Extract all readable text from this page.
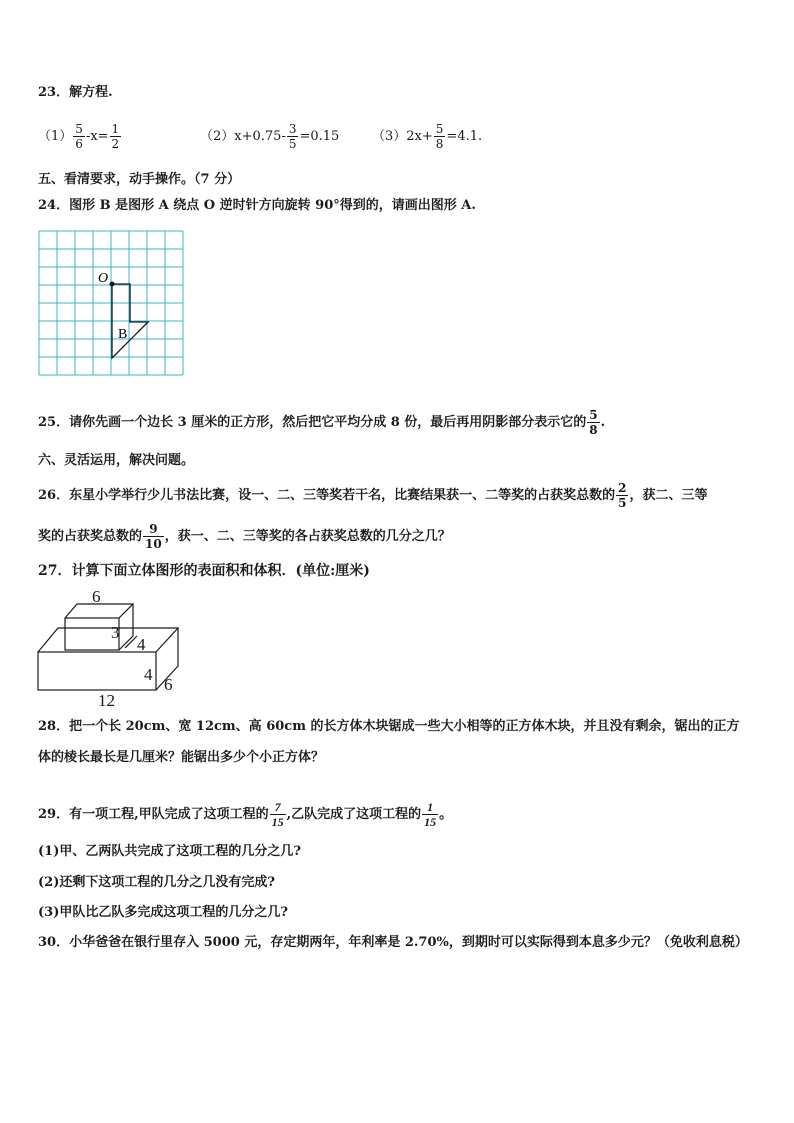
23．解方程.
$(1) \frac{5}{6} -x= \frac{1}{2}$	$(2)x+0.75- \frac{3}{5} =0.15$	$(3)2x+ \frac{5}{8} =4.1$.
五、看清要求，动手操作。（7 分）
24．图形 B 是图形 A 绕点 O 逆时针方向旋转 90°得到的，请画出图形 A.
O
B
25．请你先画一个边长 3 厘米的正方形，然后把它平均分成 8 份，最后再用阴影部分表示它的 $\frac{5}{8}$ .
六、灵活运用，解决问题。
26．东星小学举行少儿书法比赛，设一、二、三等奖若干名，比赛结果获一、二等奖的占获奖总数的 $\frac{2}{5}$ ，获二、三等
奖的占获奖总数的 $\frac{9}{10}$ ，获一、二、三等奖的各占获奖总数的几分之几？
27．计算下面立体图形的表面积和体积．(单位:厘米)
6
3
4
4
6
12
28．把一个长 20cm、宽 12cm、高 60cm 的长方体木块锯成一些大小相等的正方体木块，并且没有剩余，锯出的正方
体的棱长最长是几厘米？能锯出多少个小正方体？
29．有一项工程,甲队完成了这项工程的 $\frac{7}{15}$ ,乙队完成了这项工程的 $\frac{1}{15}$ 。
(1)甲、乙两队共完成了这项工程的几分之几?
(2)还剩下这项工程的几分之几没有完成?
(3)甲队比乙队多完成这项工程的几分之几?
30．小华爸爸在银行里存入 5000 元，存定期两年，年利率是 2.70%，到期时可以实际得到本息多少元？（免收利息税）
